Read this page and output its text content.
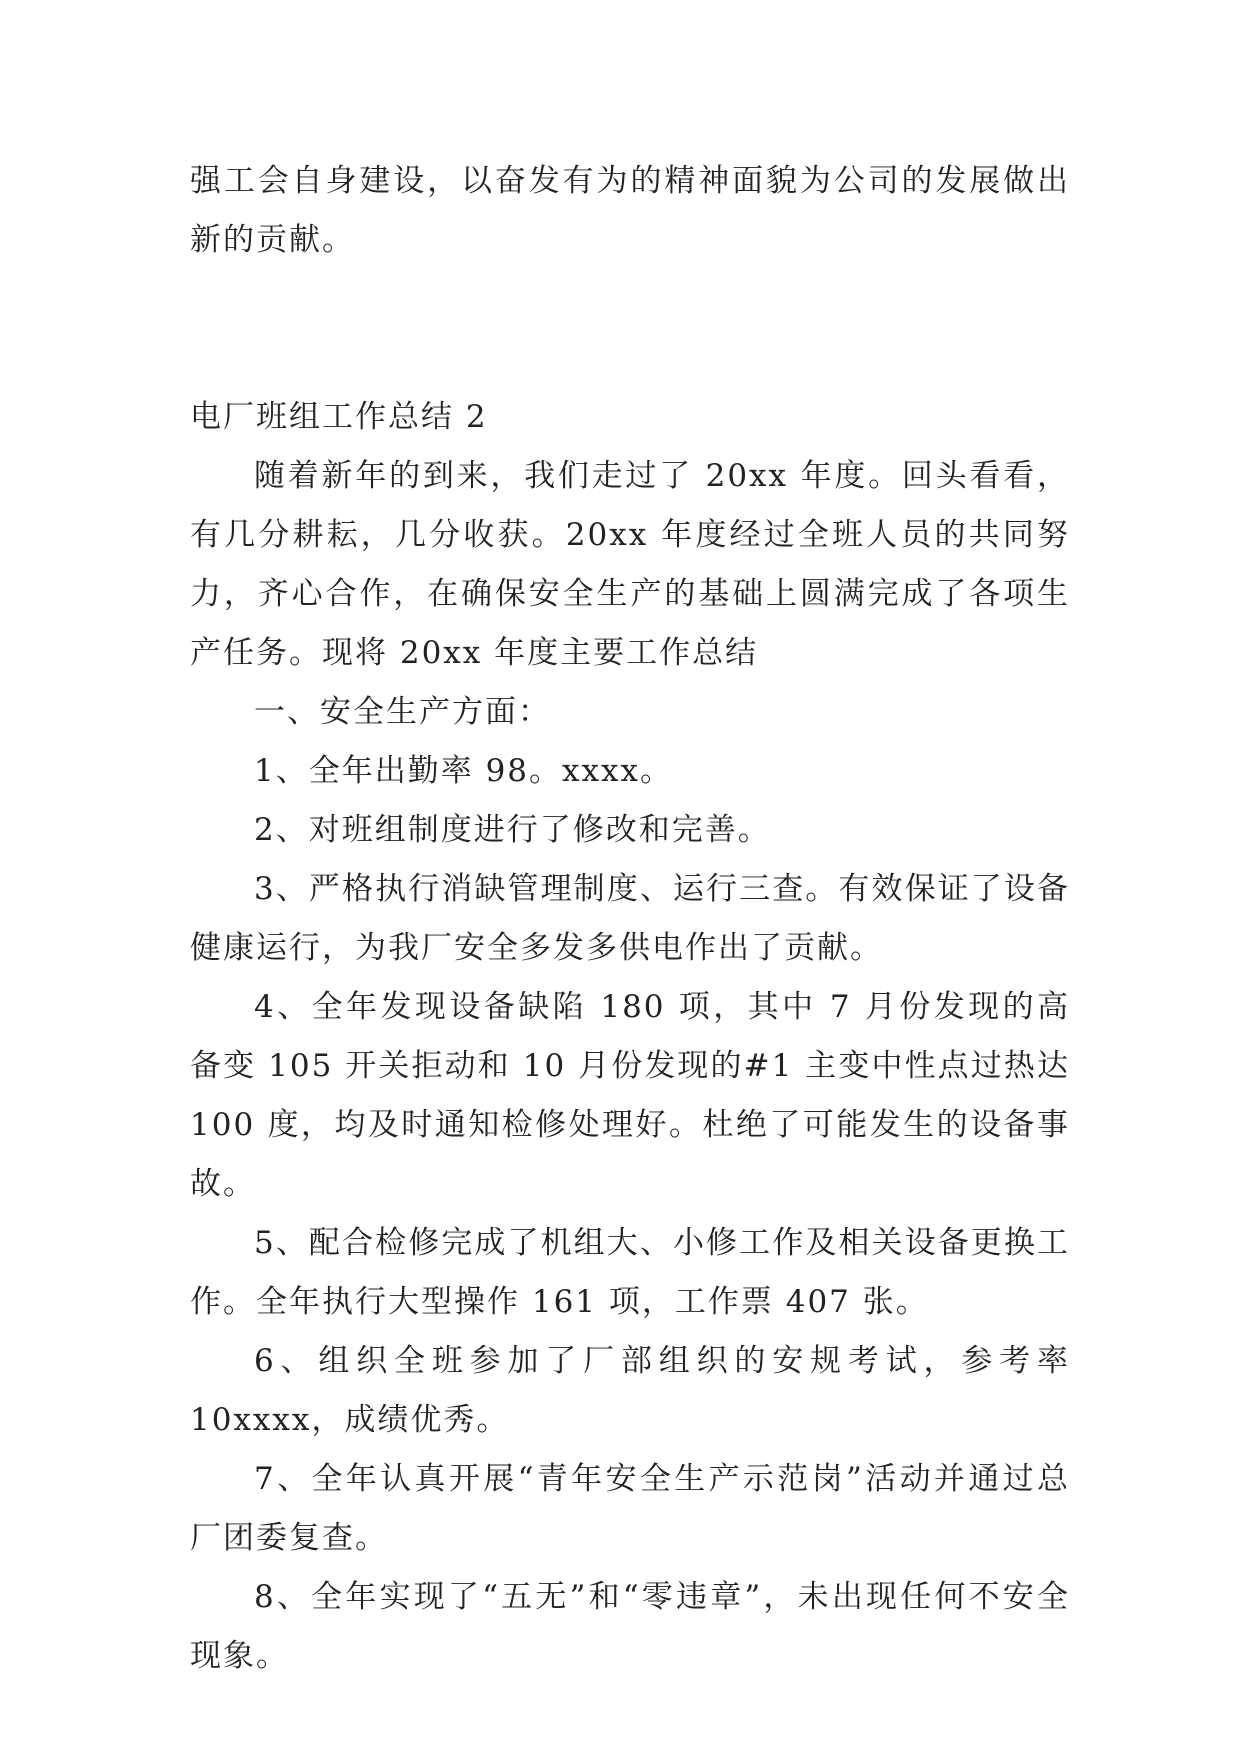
强工会自身建设，以奋发有为的精神面貌为公司的发展做出新的贡献。

电厂班组工作总结 2

随着新年的到来，我们走过了 20xx 年度。回头看看，有几分耕耘，几分收获。20xx 年度经过全班人员的共同努力，齐心合作，在确保安全生产的基础上圆满完成了各项生产任务。现将 20xx 年度主要工作总结

一、安全生产方面：

1、全年出勤率 98。xxxx。

2、对班组制度进行了修改和完善。

3、严格执行消缺管理制度、运行三查。有效保证了设备健康运行，为我厂安全多发多供电作出了贡献。

4、全年发现设备缺陷 180 项，其中 7 月份发现的高备变 105 开关拒动和 10 月份发现的#1 主变中性点过热达 100 度，均及时通知检修处理好。杜绝了可能发生的设备事故。

5、配合检修完成了机组大、小修工作及相关设备更换工作。全年执行大型操作 161 项，工作票 407 张。

6、组织全班参加了厂部组织的安规考试，参考率 10xxxx，成绩优秀。

7、全年认真开展“青年安全生产示范岗”活动并通过总厂团委复查。

8、全年实现了“五无”和“零违章”，未出现任何不安全现象。
